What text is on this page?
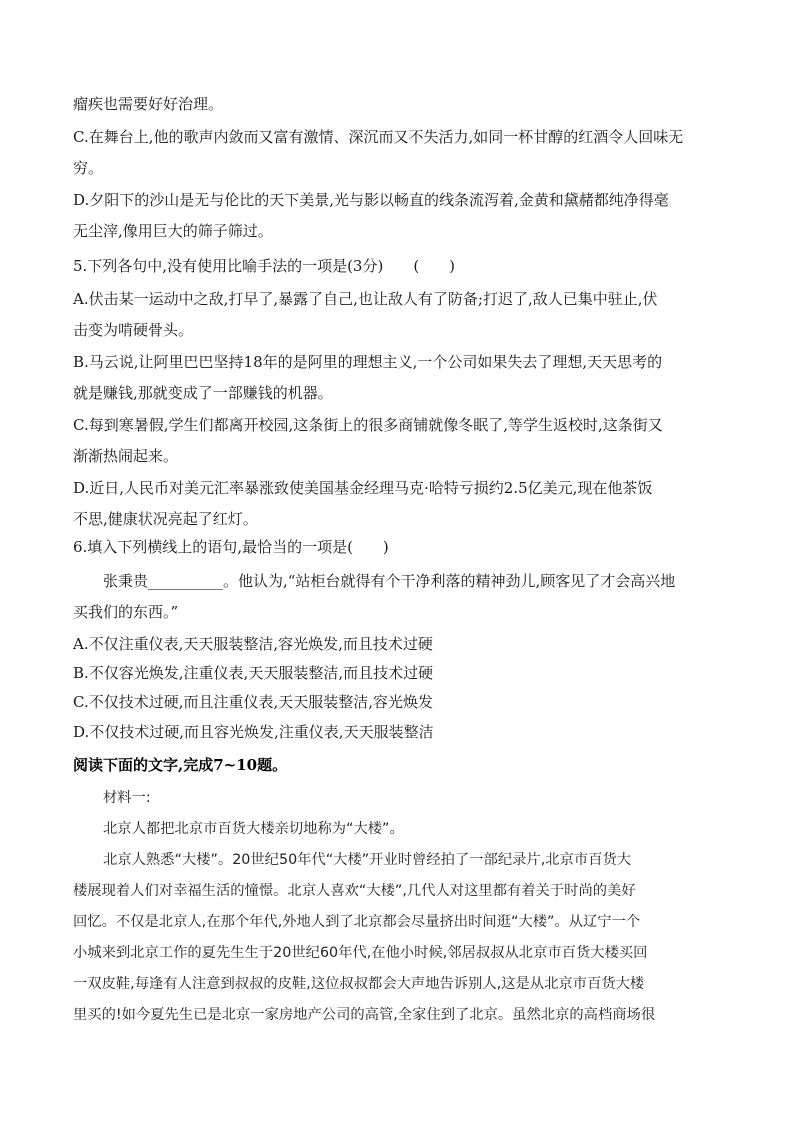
瘤疾也需要好好治理。
C.在舞台上,他的歌声内敛而又富有激情、深沉而又不失活力,如同一杯甘醇的红酒令人回味无
穷。
D.夕阳下的沙山是无与伦比的天下美景,光与影以畅直的线条流泻着,金黄和黛赭都纯净得毫
无尘滓,像用巨大的筛子筛过。
5.下列各句中,没有使用比喻手法的一项是(3分)　　(　　)
A.伏击某一运动中之敌,打早了,暴露了自己,也让敌人有了防备;打迟了,敌人已集中驻止,伏
击变为啃硬骨头。
B.马云说,让阿里巴巴坚持18年的是阿里的理想主义,一个公司如果失去了理想,天天思考的
就是赚钱,那就变成了一部赚钱的机器。
C.每到寒暑假,学生们都离开校园,这条街上的很多商铺就像冬眠了,等学生返校时,这条街又
渐渐热闹起来。
D.近日,人民币对美元汇率暴涨致使美国基金经理马克·哈特亏损约2.5亿美元,现在他茶饭
不思,健康状况亮起了红灯。
6.填入下列横线上的语句,最恰当的一项是(　　)
张秉贵__________。他认为,“站柜台就得有个干净利落的精神劲儿,顾客见了才会高兴地
买我们的东西。”
A.不仅注重仪表,天天服装整洁,容光焕发,而且技术过硬
B.不仅容光焕发,注重仪表,天天服装整洁,而且技术过硬
C.不仅技术过硬,而且注重仪表,天天服装整洁,容光焕发
D.不仅技术过硬,而且容光焕发,注重仪表,天天服装整洁
阅读下面的文字,完成7~10题。
材料一:
北京人都把北京市百货大楼亲切地称为“大楼”。
北京人熟悉“大楼”。20世纪50年代“大楼”开业时曾经拍了一部纪录片,北京市百货大
楼展现着人们对幸福生活的憧憬。北京人喜欢“大楼”,几代人对这里都有着关于时尚的美好
回忆。不仅是北京人,在那个年代,外地人到了北京都会尽量挤出时间逛“大楼”。从辽宁一个
小城来到北京工作的夏先生生于20世纪60年代,在他小时候,邻居叔叔从北京市百货大楼买回
一双皮鞋,每逢有人注意到叔叔的皮鞋,这位叔叔都会大声地告诉别人,这是从北京市百货大楼
里买的!如今夏先生已是北京一家房地产公司的高管,全家住到了北京。虽然北京的高档商场很
